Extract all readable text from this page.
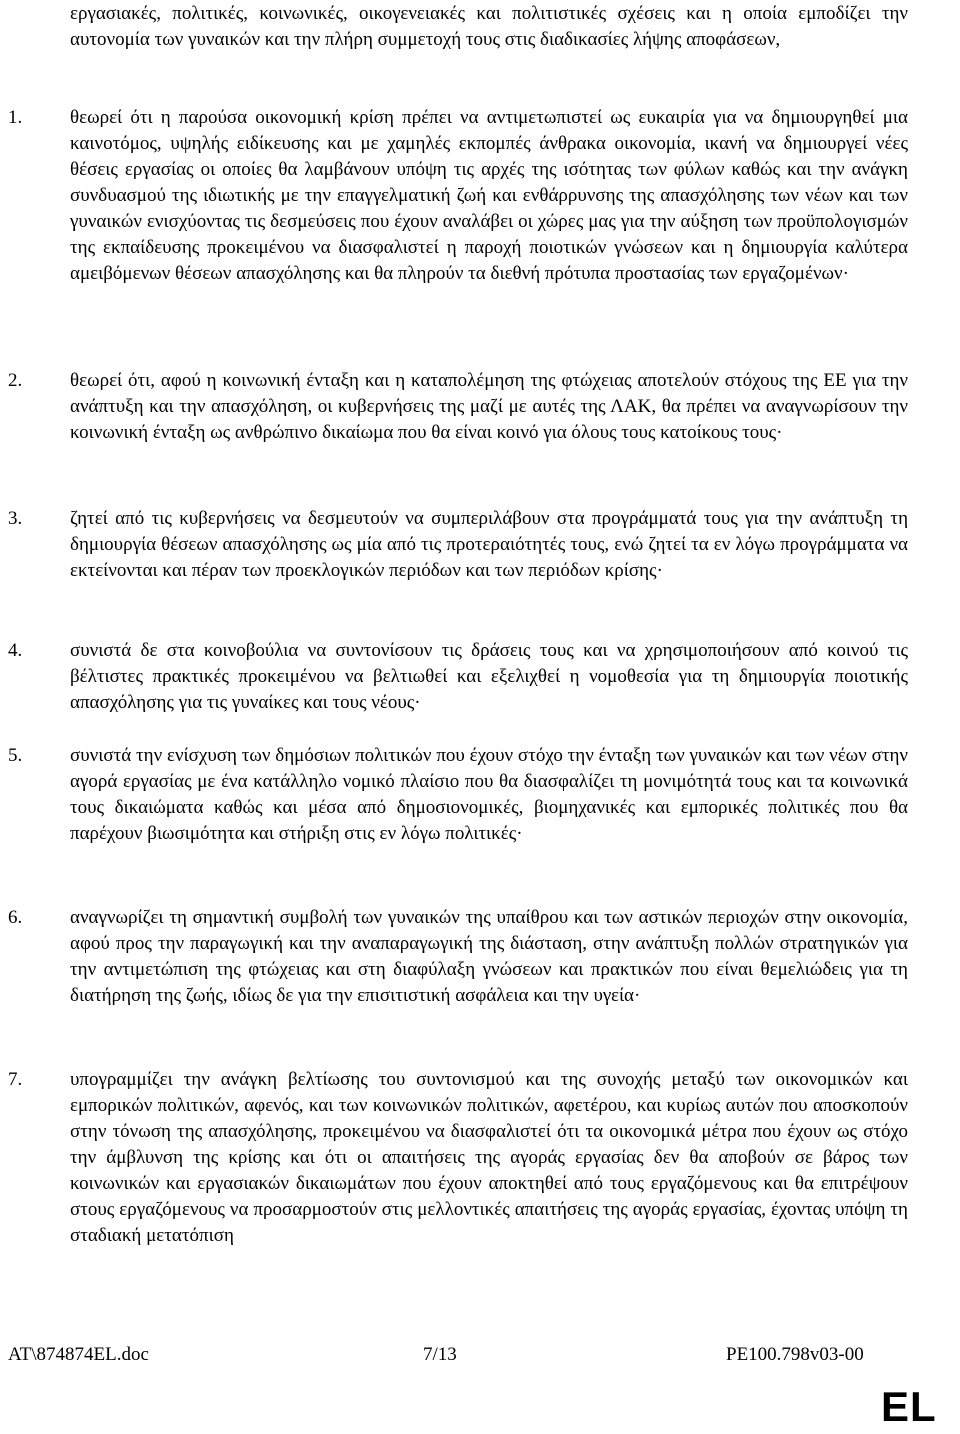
εργασιακές, πολιτικές, κοινωνικές, οικογενειακές και πολιτιστικές σχέσεις και η οποία εμποδίζει την αυτονομία των γυναικών και την πλήρη συμμετοχή τους στις διαδικασίες λήψης αποφάσεων,

1.	θεωρεί ότι η παρούσα οικονομική κρίση πρέπει να αντιμετωπιστεί ως ευκαιρία για να δημιουργηθεί μια καινοτόμος, υψηλής ειδίκευσης και με χαμηλές εκπομπές άνθρακα οικονομία, ικανή να δημιουργεί νέες θέσεις εργασίας οι οποίες θα λαμβάνουν υπόψη τις αρχές της ισότητας των φύλων καθώς και την ανάγκη συνδυασμού της ιδιωτικής με την επαγγελματική ζωή και ενθάρρυνσης της απασχόλησης των νέων και των γυναικών ενισχύοντας τις δεσμεύσεις που έχουν αναλάβει οι χώρες μας για την αύξηση των προϋπολογισμών της εκπαίδευσης προκειμένου να διασφαλιστεί η παροχή ποιοτικών γνώσεων και η δημιουργία καλύτερα αμειβόμενων θέσεων απασχόλησης και θα πληρούν τα διεθνή πρότυπα προστασίας των εργαζομένων·

2.	θεωρεί ότι, αφού η κοινωνική ένταξη και η καταπολέμηση της φτώχειας αποτελούν στόχους της ΕΕ για την ανάπτυξη και την απασχόληση, οι κυβερνήσεις της μαζί με αυτές της ΛΑΚ, θα πρέπει να αναγνωρίσουν την κοινωνική ένταξη ως ανθρώπινο δικαίωμα που θα είναι κοινό για όλους τους κατοίκους τους·

3.	ζητεί από τις κυβερνήσεις να δεσμευτούν να συμπεριλάβουν στα προγράμματά τους για την ανάπτυξη τη δημιουργία θέσεων απασχόλησης ως μία από τις προτεραιότητές τους, ενώ ζητεί τα εν λόγω προγράμματα να εκτείνονται και πέραν των προεκλογικών περιόδων και των περιόδων κρίσης·

4.	συνιστά δε στα κοινοβούλια να συντονίσουν τις δράσεις τους και να χρησιμοποιήσουν από κοινού τις βέλτιστες πρακτικές προκειμένου να βελτιωθεί και εξελιχθεί η νομοθεσία για τη δημιουργία ποιοτικής απασχόλησης για τις γυναίκες και τους νέους·

5.	συνιστά την ενίσχυση των δημόσιων πολιτικών που έχουν στόχο την ένταξη των γυναικών και των νέων στην αγορά εργασίας με ένα κατάλληλο νομικό πλαίσιο που θα διασφαλίζει τη μονιμότητά τους και τα κοινωνικά τους δικαιώματα καθώς και μέσα από δημοσιονομικές, βιομηχανικές και εμπορικές πολιτικές που θα παρέχουν βιωσιμότητα και στήριξη στις εν λόγω πολιτικές·

6.	αναγνωρίζει τη σημαντική συμβολή των γυναικών της υπαίθρου και των αστικών περιοχών στην οικονομία, αφού προς την παραγωγική και την αναπαραγωγική της διάσταση, στην ανάπτυξη πολλών στρατηγικών για την αντιμετώπιση της φτώχειας και στη διαφύλαξη γνώσεων και πρακτικών που είναι θεμελιώδεις για τη διατήρηση της ζωής, ιδίως δε για την επισιτιστική ασφάλεια και την υγεία·

7.	υπογραμμίζει την ανάγκη βελτίωσης του συντονισμού και της συνοχής μεταξύ των οικονομικών και εμπορικών πολιτικών, αφενός, και των κοινωνικών πολιτικών, αφετέρου, και κυρίως αυτών που αποσκοπούν στην τόνωση της απασχόλησης, προκειμένου να διασφαλιστεί ότι τα οικονομικά μέτρα που έχουν ως στόχο την άμβλυνση της κρίσης και ότι οι απαιτήσεις της αγοράς εργασίας δεν θα αποβούν σε βάρος των κοινωνικών και εργασιακών δικαιωμάτων που έχουν αποκτηθεί από τους εργαζόμενους και θα επιτρέψουν στους εργαζόμενους να προσαρμοστούν στις μελλοντικές απαιτήσεις της αγοράς εργασίας, έχοντας υπόψη τη σταδιακή μετατόπιση

AT\874874EL.doc	7/13	PE100.798v03-00
EL
